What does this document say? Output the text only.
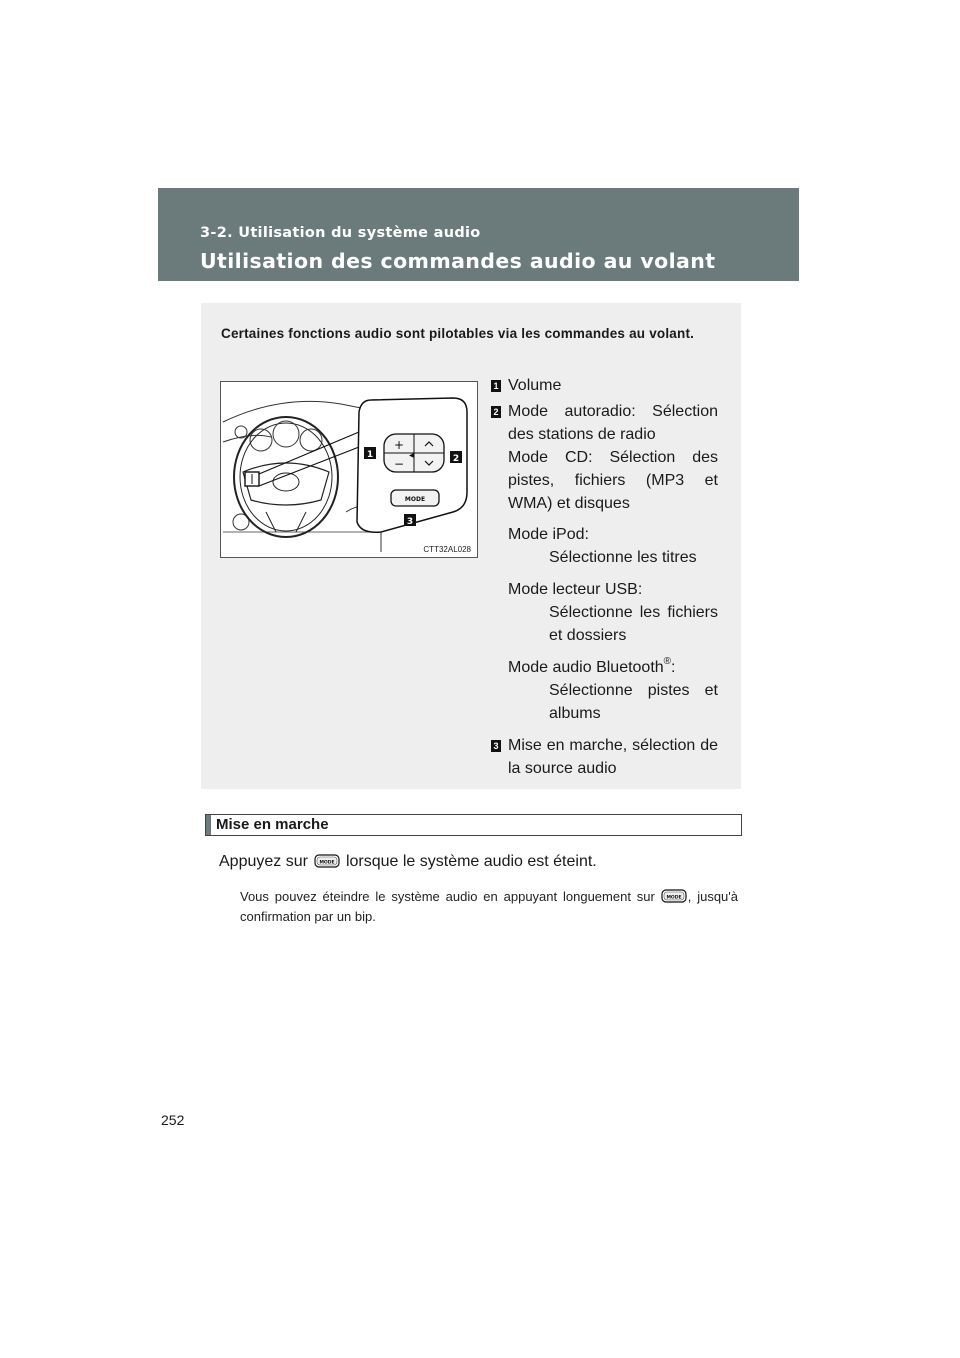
3-2. Utilisation du système audio
Utilisation des commandes audio au volant
Certaines fonctions audio sont pilotables via les commandes au volant.
+
−
◀
MODE
1	2
3
CTT32AL028
1 Volume
2 Mode autoradio: Sélection des stations de radio
Mode CD: Sélection des pistes, fichiers (MP3 et WMA) et disques
Mode iPod:
Sélectionne les titres
Mode lecteur USB:
Sélectionne les fichiers et dossiers
Mode audio Bluetooth®:
Sélectionne pistes et albums
3 Mise en marche, sélection de la source audio
Mise en marche
Appuyez sur	MODE lorsque le système audio est éteint.
Vous pouvez éteindre le système audio en appuyant longuement sur	MODE , jusqu'à confirmation par un bip.
252
